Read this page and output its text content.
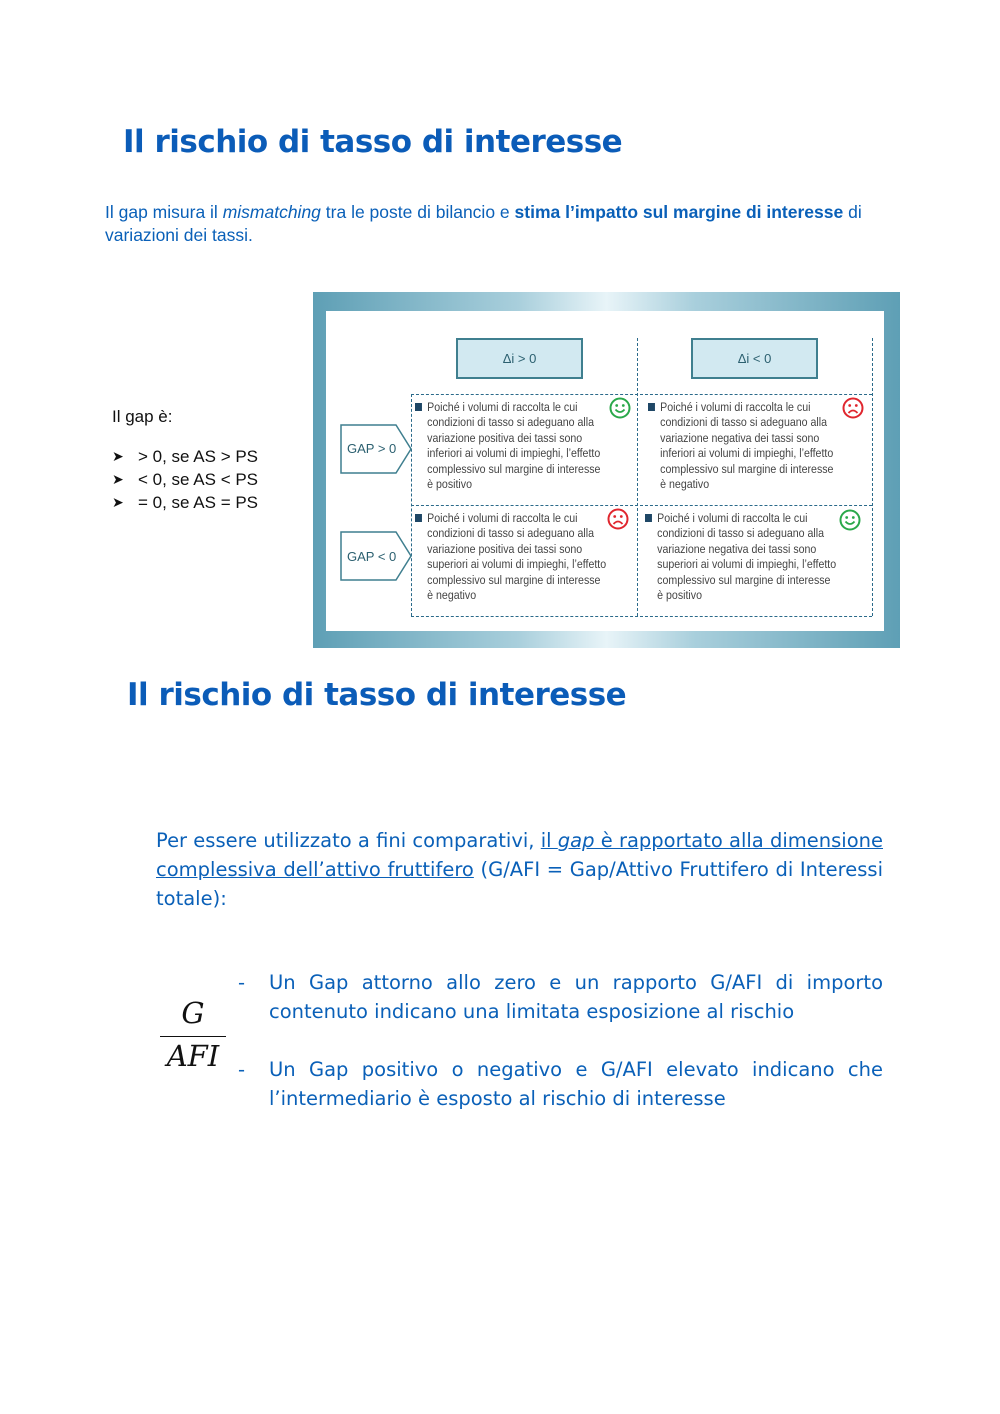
Il rischio di tasso di interesse
Il gap misura il mismatching tra le poste di bilancio e stima l’impatto sul margine di interesse di variazioni dei tassi.
Il gap è:
➤ > 0, se AS > PS
➤ < 0, se AS < PS
➤ = 0, se AS = PS
Δi > 0	Δi < 0
GAP > 0
GAP < 0
Poiché i volumi di raccolta le cui
condizioni di tasso si adeguano alla
variazione positiva dei tassi sono
inferiori ai volumi di impieghi, l’effetto
complessivo sul margine di interesse
è positivo
Poiché i volumi di raccolta le cui
condizioni di tasso si adeguano alla
variazione negativa dei tassi sono
inferiori ai volumi di impieghi, l’effetto
complessivo sul margine di interesse
è negativo
Poiché i volumi di raccolta le cui
condizioni di tasso si adeguano alla
variazione positiva dei tassi sono
superiori ai volumi di impieghi, l’effetto
complessivo sul margine di interesse
è negativo
Poiché i volumi di raccolta le cui
condizioni di tasso si adeguano alla
variazione negativa dei tassi sono
superiori ai volumi di impieghi, l’effetto
complessivo sul margine di interesse
è positivo
Il rischio di tasso di interesse
Per essere utilizzato a fini comparativi, il gap è rapportato alla dimensione complessiva dell’attivo fruttifero (G/AFI = Gap/Attivo Fruttifero di Interessi totale):
G
AFI
- Un Gap attorno allo zero e un rapporto G/AFI di importo contenuto indicano una limitata esposizione al rischio
- Un Gap positivo o negativo e G/AFI elevato indicano che l’intermediario è esposto al rischio di interesse
